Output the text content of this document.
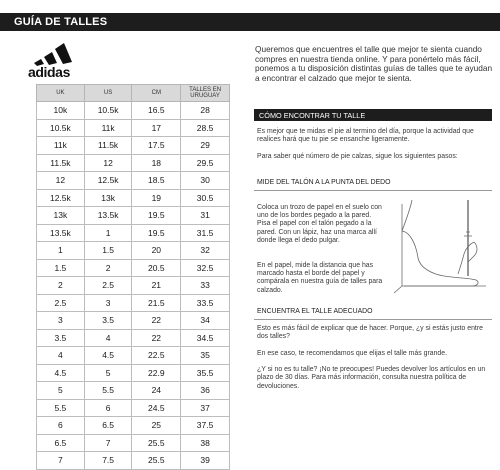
GUÍA DE TALLES
adidas
UK	US	CM	TALLES EN URUGUAY
10k	10.5k	16.5	28
10.5k	11k	17	28.5
11k	11.5k	17.5	29
11.5k	12	18	29.5
12	12.5k	18.5	30
12.5k	13k	19	30.5
13k	13.5k	19.5	31
13.5k	1	19.5	31.5
1	1.5	20	32
1.5	2	20.5	32.5
2	2.5	21	33
2.5	3	21.5	33.5
3	3.5	22	34
3.5	4	22	34.5
4	4.5	22.5	35
4.5	5	22.9	35.5
5	5.5	24	36
5.5	6	24.5	37
6	6.5	25	37.5
6.5	7	25.5	38
7	7.5	25.5	39
Queremos que encuentres el talle que mejor te sienta cuando compres en nuestra tienda online. Y para ponértelo más fácil, ponemos a tu disposición distintas guías de talles que te ayudan a encontrar el calzado que mejor te sienta.
CÓMO ENCONTRAR TU TALLE
Es mejor que te midas el pie al termino del día, porque la actividad que realices hará que tu pie se ensanche ligeramente.
Para saber qué número de pie calzas, sigue los siguientes pasos:
MIDE DEL TALÓN A LA PUNTA DEL DEDO
Coloca un trozo de papel en el suelo con uno de los bordes pegado a la pared. Pisa el papel con el talón pegado a la pared. Con un lápiz, haz una marca allí donde llega el dedo pulgar.
En el papel, mide la distancia que has marcado hasta el borde del papel y compárala en nuestra guía de talles para calzado.
ENCUENTRA EL TALLE ADECUADO
Esto es más fácil de explicar que de hacer. Porque, ¿y si estás justo entre dos talles?
En ese caso, te recomendamos que elijas el talle más grande.
¿Y si no es tu talle? ¡No te preocupes! Puedes devolver los artículos en un plazo de 30 días. Para más información, consulta nuestra política de devoluciones.
